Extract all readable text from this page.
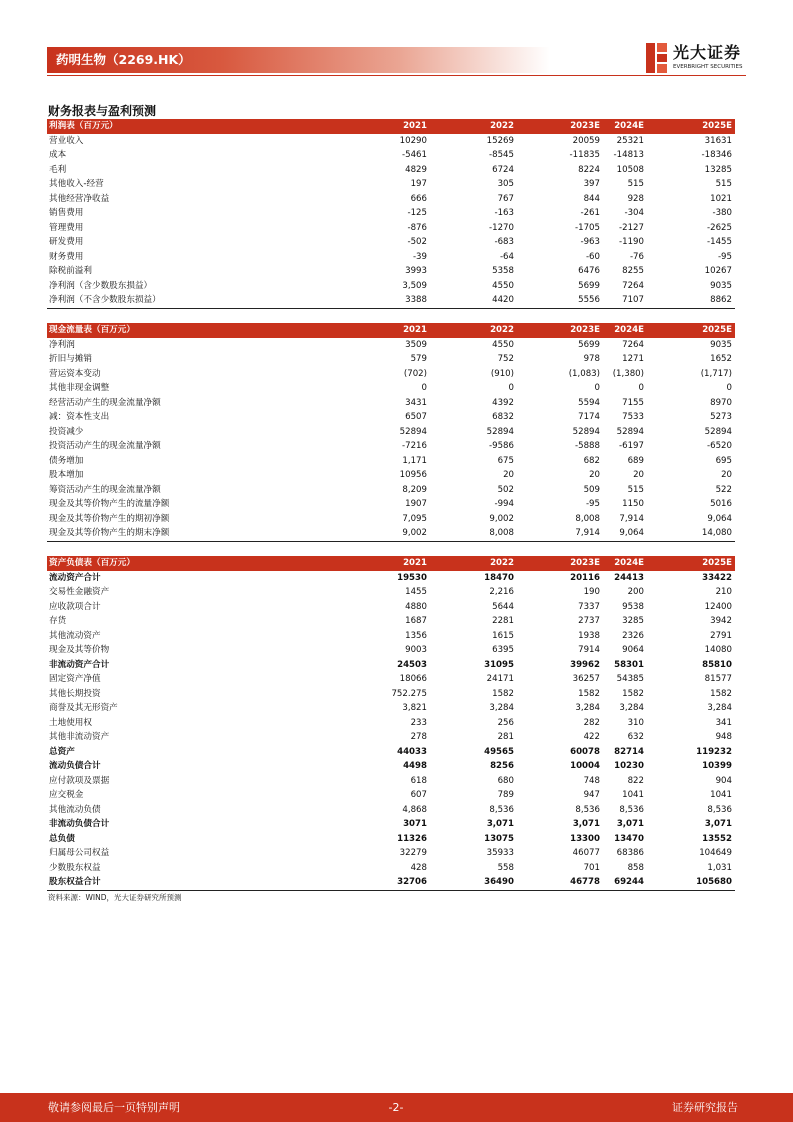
药明生物（2269.HK）	光大证券
EVERBRIGHT SECURITIES
财务报表与盈利预测
利润表（百万元）	2021	2022	2023E	2024E	2025E
营业收入	10290	15269	20059	25321	31631
成本	-5461	-8545	-11835	-14813	-18346
毛利	4829	6724	8224	10508	13285
其他收入-经营	197	305	397	515	515
其他经营净收益	666	767	844	928	1021
销售费用	-125	-163	-261	-304	-380
管理费用	-876	-1270	-1705	-2127	-2625
研发费用	-502	-683	-963	-1190	-1455
财务费用	-39	-64	-60	-76	-95
除税前溢利	3993	5358	6476	8255	10267
净利润（含少数股东损益）	3,509	4550	5699	7264	9035
净利润（不含少数股东损益）	3388	4420	5556	7107	8862
现金流量表（百万元）	2021	2022	2023E	2024E	2025E
净利润	3509	4550	5699	7264	9035
折旧与摊销	579	752	978	1271	1652
营运资本变动	(702)	(910)	(1,083)	(1,380)	(1,717)
其他非现金调整	0	0	0	0	0
经营活动产生的现金流量净额	3431	4392	5594	7155	8970
减：资本性支出	6507	6832	7174	7533	5273
投资减少	52894	52894	52894	52894	52894
投资活动产生的现金流量净额	-7216	-9586	-5888	-6197	-6520
债务增加	1,171	675	682	689	695
股本增加	10956	20	20	20	20
筹资活动产生的现金流量净额	8,209	502	509	515	522
现金及其等价物产生的流量净额	1907	-994	-95	1150	5016
现金及其等价物产生的期初净额	7,095	9,002	8,008	7,914	9,064
现金及其等价物产生的期末净额	9,002	8,008	7,914	9,064	14,080
资产负债表（百万元）	2021	2022	2023E	2024E	2025E
流动资产合计	19530	18470	20116	24413	33422
交易性金融资产	1455	2,216	190	200	210
应收款项合计	4880	5644	7337	9538	12400
存货	1687	2281	2737	3285	3942
其他流动资产	1356	1615	1938	2326	2791
现金及其等价物	9003	6395	7914	9064	14080
非流动资产合计	24503	31095	39962	58301	85810
固定资产净值	18066	24171	36257	54385	81577
其他长期投资	752.275	1582	1582	1582	1582
商誉及其无形资产	3,821	3,284	3,284	3,284	3,284
土地使用权	233	256	282	310	341
其他非流动资产	278	281	422	632	948
总资产	44033	49565	60078	82714	119232
流动负债合计	4498	8256	10004	10230	10399
应付款项及票据	618	680	748	822	904
应交税金	607	789	947	1041	1041
其他流动负债	4,868	8,536	8,536	8,536	8,536
非流动负债合计	3071	3,071	3,071	3,071	3,071
总负债	11326	13075	13300	13470	13552
归属母公司权益	32279	35933	46077	68386	104649
少数股东权益	428	558	701	858	1,031
股东权益合计	32706	36490	46778	69244	105680
资料来源：WIND，光大证券研究所预测
敬请参阅最后一页特别声明	-2-	证券研究报告
